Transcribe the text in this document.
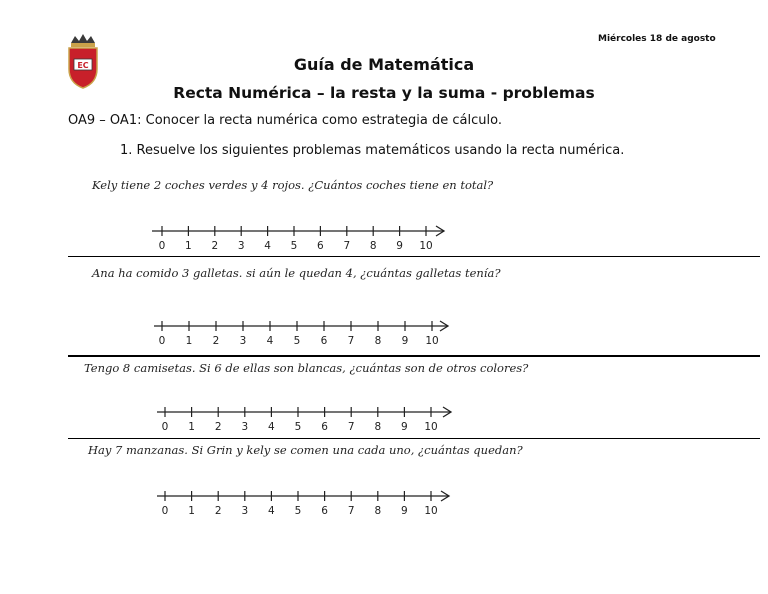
Miércoles 18 de agosto
EC	Guía de Matemática
Recta Numérica – la resta y la suma - problemas
OA9 – OA1: Conocer la recta numérica como estrategia de cálculo.
1. Resuelve los siguientes problemas matemáticos usando la recta numérica.
Kely tiene 2 coches verdes y 4 rojos. ¿Cuántos coches tiene en total?
0 1 2 3 4 5 6 7 8 9 10
Ana ha comido 3 galletas. si aún le quedan 4, ¿cuántas galletas tenía?
0 1 2 3 4 5 6 7 8 9 10
Tengo 8 camisetas. Si 6 de ellas son blancas, ¿cuántas son de otros colores?
0 1 2 3 4 5 6 7 8 9 10
Hay 7 manzanas. Si Grin y kely se comen una cada uno, ¿cuántas quedan?
0 1 2 3 4 5 6 7 8 9 10
